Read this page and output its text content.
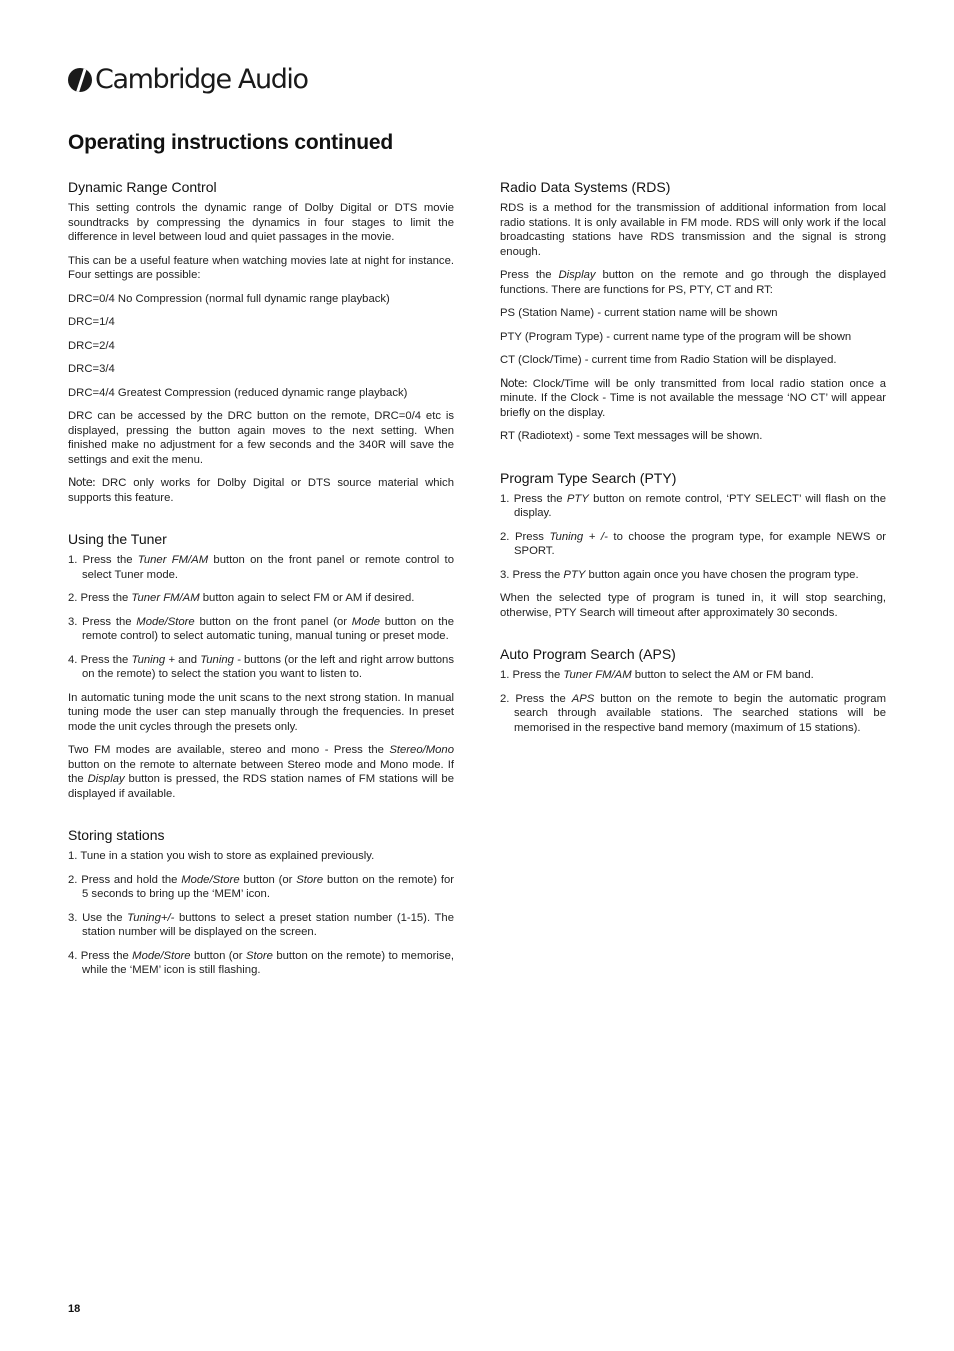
Cambridge Audio
Operating instructions continued
Dynamic Range Control

This setting controls the dynamic range of Dolby Digital or DTS movie soundtracks by compressing the dynamics in four stages to limit the difference in level between loud and quiet passages in the movie.

This can be a useful feature when watching movies late at night for instance. Four settings are possible:

DRC=0/4 No Compression (normal full dynamic range playback)

DRC=1/4

DRC=2/4

DRC=3/4

DRC=4/4 Greatest Compression (reduced dynamic range playback)

DRC can be accessed by the DRC button on the remote, DRC=0/4 etc is displayed, pressing the button again moves to the next setting. When finished make no adjustment for a few seconds and the 340R will save the settings and exit the menu.

Note: DRC only works for Dolby Digital or DTS source material which supports this feature.

Using the Tuner
1. Press the Tuner FM/AM button on the front panel or remote control to select Tuner mode.
2. Press the Tuner FM/AM button again to select FM or AM if desired.
3. Press the Mode/Store button on the front panel (or Mode button on the remote control) to select automatic tuning, manual tuning or preset mode.
4. Press the Tuning + and Tuning - buttons (or the left and right arrow buttons on the remote) to select the station you want to listen to.

In automatic tuning mode the unit scans to the next strong station. In manual tuning mode the user can step manually through the frequencies. In preset mode the unit cycles through the presets only.

Two FM modes are available, stereo and mono - Press the Stereo/Mono button on the remote to alternate between Stereo mode and Mono mode. If the Display button is pressed, the RDS station names of FM stations will be displayed if available.

Storing stations
1. Tune in a station you wish to store as explained previously.
2. Press and hold the Mode/Store button (or Store button on the remote) for 5 seconds to bring up the ‘MEM’ icon.
3. Use the Tuning+/- buttons to select a preset station number (1-15). The station number will be displayed on the screen.
4. Press the Mode/Store button (or Store button on the remote) to memorise, while the ‘MEM’ icon is still flashing.
Radio Data Systems (RDS)

RDS is a method for the transmission of additional information from local radio stations. It is only available in FM mode. RDS will only work if the local broadcasting stations have RDS transmission and the signal is strong enough.

Press the Display button on the remote and go through the displayed functions. There are functions for PS, PTY, CT and RT:

PS (Station Name) - current station name will be shown

PTY (Program Type) - current name type of the program will be shown

CT (Clock/Time) - current time from Radio Station will be displayed.

Note: Clock/Time will be only transmitted from local radio station once a minute. If the Clock - Time is not available the message ‘NO CT’ will appear briefly on the display.

RT (Radiotext) - some Text messages will be shown.

Program Type Search (PTY)
1. Press the PTY button on remote control, ‘PTY SELECT’ will flash on the display.
2. Press Tuning + /- to choose the program type, for example NEWS or SPORT.
3. Press the PTY button again once you have chosen the program type.

When the selected type of program is tuned in, it will stop searching, otherwise, PTY Search will timeout after approximately 30 seconds.

Auto Program Search (APS)
1. Press the Tuner FM/AM button to select the AM or FM band.
2. Press the APS button on the remote to begin the automatic program search through available stations. The searched stations will be memorised in the respective band memory (maximum of 15 stations).
18
